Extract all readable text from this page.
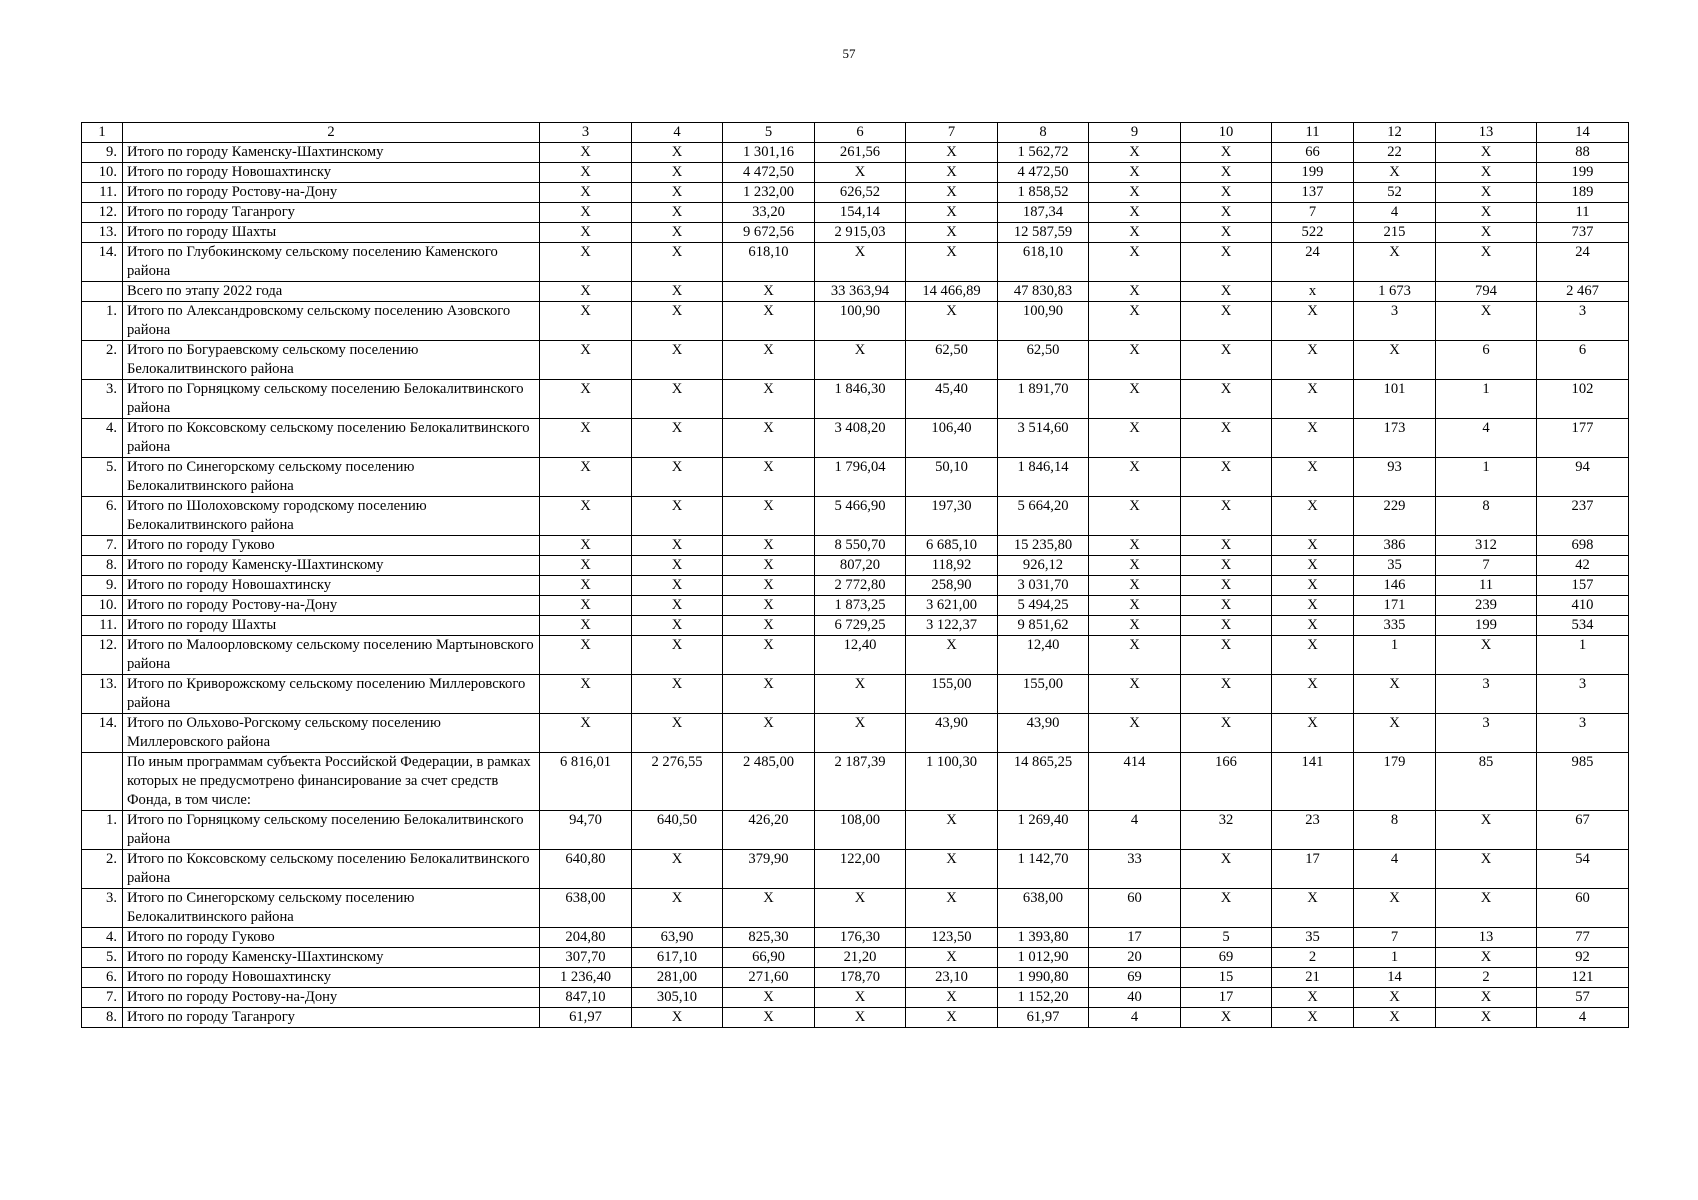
57
1	2	3	4	5	6	7	8	9	10	11	12	13	14
9.	Итого по городу Каменску-Шахтинскому	X	X	1 301,16	261,56	X	1 562,72	X	X	66	22	X	88
10.	Итого по городу Новошахтинску	X	X	4 472,50	X	X	4 472,50	X	X	199	X	X	199
11.	Итого по городу Ростову-на-Дону	X	X	1 232,00	626,52	X	1 858,52	X	X	137	52	X	189
12.	Итого по городу Таганрогу	X	X	33,20	154,14	X	187,34	X	X	7	4	X	11
13.	Итого по городу Шахты	X	X	9 672,56	2 915,03	X	12 587,59	X	X	522	215	X	737
14.	Итого по Глубокинскому сельскому поселению Каменского района	X	X	618,10	X	X	618,10	X	X	24	X	X	24
	Всего по этапу 2022 года	X	X	X	33 363,94	14 466,89	47 830,83	X	X	x	1 673	794	2 467
1.	Итого по Александровскому сельскому поселению Азовского района	X	X	X	100,90	X	100,90	X	X	X	3	X	3
2.	Итого по Богураевскому сельскому поселению Белокалитвинского района	X	X	X	X	62,50	62,50	X	X	X	X	6	6
3.	Итого по Горняцкому сельскому поселению Белокалитвинского района	X	X	X	1 846,30	45,40	1 891,70	X	X	X	101	1	102
4.	Итого по Коксовскому сельскому поселению Белокалитвинского района	X	X	X	3 408,20	106,40	3 514,60	X	X	X	173	4	177
5.	Итого по Синегорскому сельскому поселению Белокалитвинского района	X	X	X	1 796,04	50,10	1 846,14	X	X	X	93	1	94
6.	Итого по Шолоховскому городскому поселению Белокалитвинского района	X	X	X	5 466,90	197,30	5 664,20	X	X	X	229	8	237
7.	Итого по городу Гуково	X	X	X	8 550,70	6 685,10	15 235,80	X	X	X	386	312	698
8.	Итого по городу Каменску-Шахтинскому	X	X	X	807,20	118,92	926,12	X	X	X	35	7	42
9.	Итого по городу Новошахтинску	X	X	X	2 772,80	258,90	3 031,70	X	X	X	146	11	157
10.	Итого по городу Ростову-на-Дону	X	X	X	1 873,25	3 621,00	5 494,25	X	X	X	171	239	410
11.	Итого по городу Шахты	X	X	X	6 729,25	3 122,37	9 851,62	X	X	X	335	199	534
12.	Итого по Малоорловскому сельскому поселению Мартыновского района	X	X	X	12,40	X	12,40	X	X	X	1	X	1
13.	Итого по Криворожскому сельскому поселению Миллеровского района	X	X	X	X	155,00	155,00	X	X	X	X	3	3
14.	Итого по Ольхово-Рогскому сельскому поселению Миллеровского района	X	X	X	X	43,90	43,90	X	X	X	X	3	3
	По иным программам субъекта Российской Федерации, в рамках которых не предусмотрено финансирование за счет средств Фонда, в том числе:	6 816,01	2 276,55	2 485,00	2 187,39	1 100,30	14 865,25	414	166	141	179	85	985
1.	Итого по Горняцкому сельскому поселению Белокалитвинского района	94,70	640,50	426,20	108,00	X	1 269,40	4	32	23	8	X	67
2.	Итого по Коксовскому сельскому поселению Белокалитвинского района	640,80	X	379,90	122,00	X	1 142,70	33	X	17	4	X	54
3.	Итого по Синегорскому сельскому поселению Белокалитвинского района	638,00	X	X	X	X	638,00	60	X	X	X	X	60
4.	Итого по городу Гуково	204,80	63,90	825,30	176,30	123,50	1 393,80	17	5	35	7	13	77
5.	Итого по городу Каменску-Шахтинскому	307,70	617,10	66,90	21,20	X	1 012,90	20	69	2	1	X	92
6.	Итого по городу Новошахтинску	1 236,40	281,00	271,60	178,70	23,10	1 990,80	69	15	21	14	2	121
7.	Итого по городу Ростову-на-Дону	847,10	305,10	X	X	X	1 152,20	40	17	X	X	X	57
8.	Итого по городу Таганрогу	61,97	X	X	X	X	61,97	4	X	X	X	X	4
